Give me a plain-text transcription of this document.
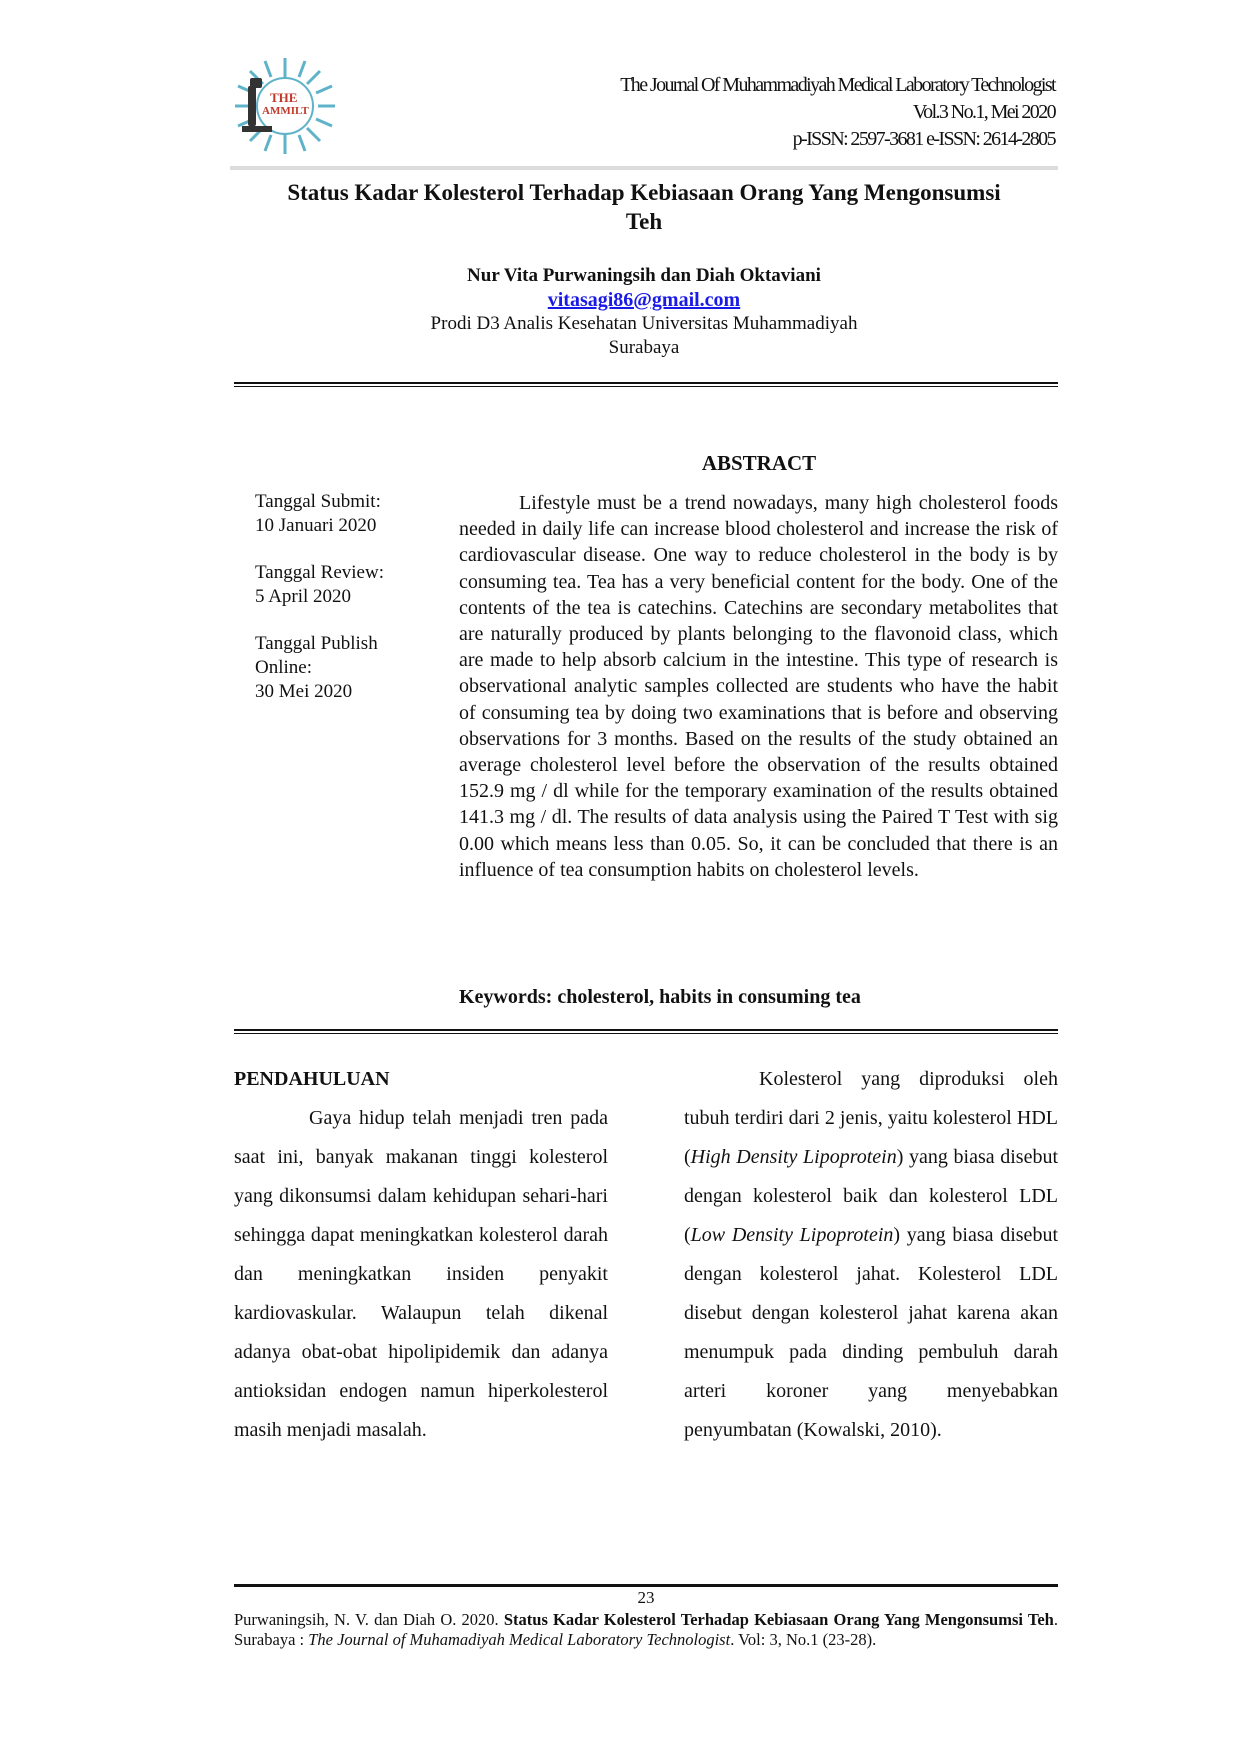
THE
AMMILT
The Journal Of Muhammadiyah Medical Laboratory Technologist
Vol.3 No.1, Mei 2020
p-ISSN: 2597-3681 e-ISSN: 2614-2805
Status Kadar Kolesterol Terhadap Kebiasaan Orang Yang Mengonsumsi
Teh
Nur Vita Purwaningsih dan Diah Oktaviani
vitasagi86@gmail.com
Prodi D3 Analis Kesehatan Universitas Muhammadiyah
Surabaya
ABSTRACT
Tanggal Submit:
10 Januari 2020
Tanggal Review:
5 April 2020
Tanggal Publish
Online:
30 Mei 2020

Lifestyle must be a trend nowadays, many high cholesterol foods needed in daily life can increase blood cholesterol and increase the risk of cardiovascular disease. One way to reduce cholesterol in the body is by consuming tea. Tea has a very beneficial content for the body. One of the contents of the tea is catechins. Catechins are secondary metabolites that are naturally produced by plants belonging to the flavonoid class, which are made to help absorb calcium in the intestine. This type of research is observational analytic samples collected are students who have the habit of consuming tea by doing two examinations that is before and observing observations for 3 months. Based on the results of the study obtained an average cholesterol level before the observation of the results obtained 152.9 mg / dl while for the temporary examination of the results obtained 141.3 mg / dl. The results of data analysis using the Paired T Test with sig 0.00 which means less than 0.05. So, it can be concluded that there is an influence of tea consumption habits on cholesterol levels.

Keywords: cholesterol, habits in consuming tea
PENDAHULUAN

Gaya hidup telah menjadi tren pada saat ini, banyak makanan tinggi kolesterol yang dikonsumsi dalam kehidupan sehari-hari sehingga dapat meningkatkan kolesterol darah dan meningkatkan insiden penyakit kardiovaskular. Walaupun telah dikenal adanya obat-obat hipolipidemik dan adanya antioksidan endogen namun hiperkolesterol masih menjadi masalah.

Kolesterol yang diproduksi oleh tubuh terdiri dari 2 jenis, yaitu kolesterol HDL (High Density Lipoprotein) yang biasa disebut dengan kolesterol baik dan kolesterol LDL (Low Density Lipoprotein) yang biasa disebut dengan kolesterol jahat. Kolesterol LDL disebut dengan kolesterol jahat karena akan menumpuk pada dinding pembuluh darah arteri koroner yang menyebabkan penyumbatan (Kowalski, 2010).

23
Purwaningsih, N. V. dan Diah O. 2020. Status Kadar Kolesterol Terhadap Kebiasaan Orang Yang Mengonsumsi Teh. Surabaya : The Journal of Muhamadiyah Medical Laboratory Technologist. Vol: 3, No.1 (23-28).
